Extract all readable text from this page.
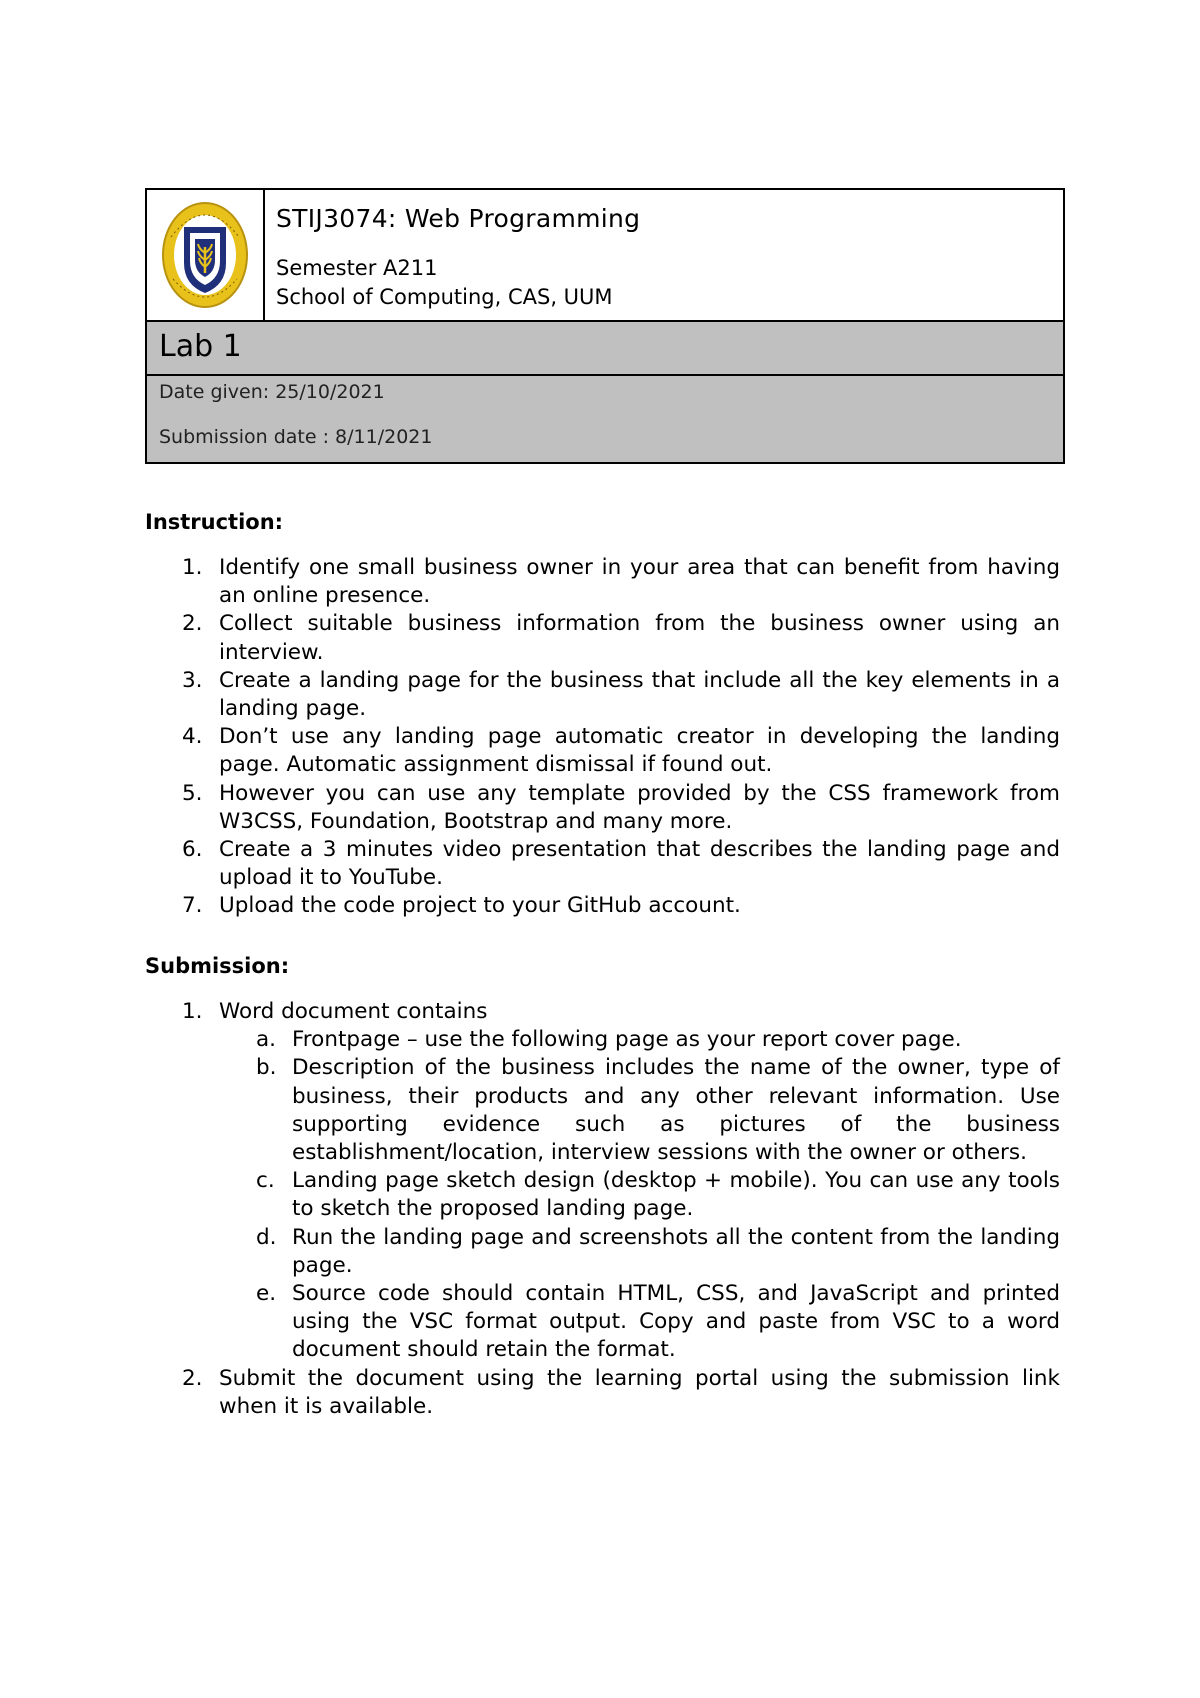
STIJ3074: Web Programming
Semester A211
School of Computing, CAS, UUM
Lab 1
Date given: 25/10/2021
Submission date : 8/11/2021
Instruction:
1. Identify one small business owner in your area that can benefit from having an online presence.
2. Collect suitable business information from the business owner using an interview.
3. Create a landing page for the business that include all the key elements in a landing page.
4. Don’t use any landing page automatic creator in developing the landing page. Automatic assignment dismissal if found out.
5. However you can use any template provided by the CSS framework from W3CSS, Foundation, Bootstrap and many more.
6. Create a 3 minutes video presentation that describes the landing page and upload it to YouTube.
7. Upload the code project to your GitHub account.
Submission:
1. Word document contains
a. Frontpage – use the following page as your report cover page.
b. Description of the business includes the name of the owner, type of business, their products and any other relevant information. Use supporting evidence such as pictures of the business establishment/location, interview sessions with the owner or others.
c. Landing page sketch design (desktop + mobile). You can use any tools to sketch the proposed landing page.
d. Run the landing page and screenshots all the content from the landing page.
e. Source code should contain HTML, CSS, and JavaScript and printed using the VSC format output. Copy and paste from VSC to a word document should retain the format.
2. Submit the document using the learning portal using the submission link when it is available.
